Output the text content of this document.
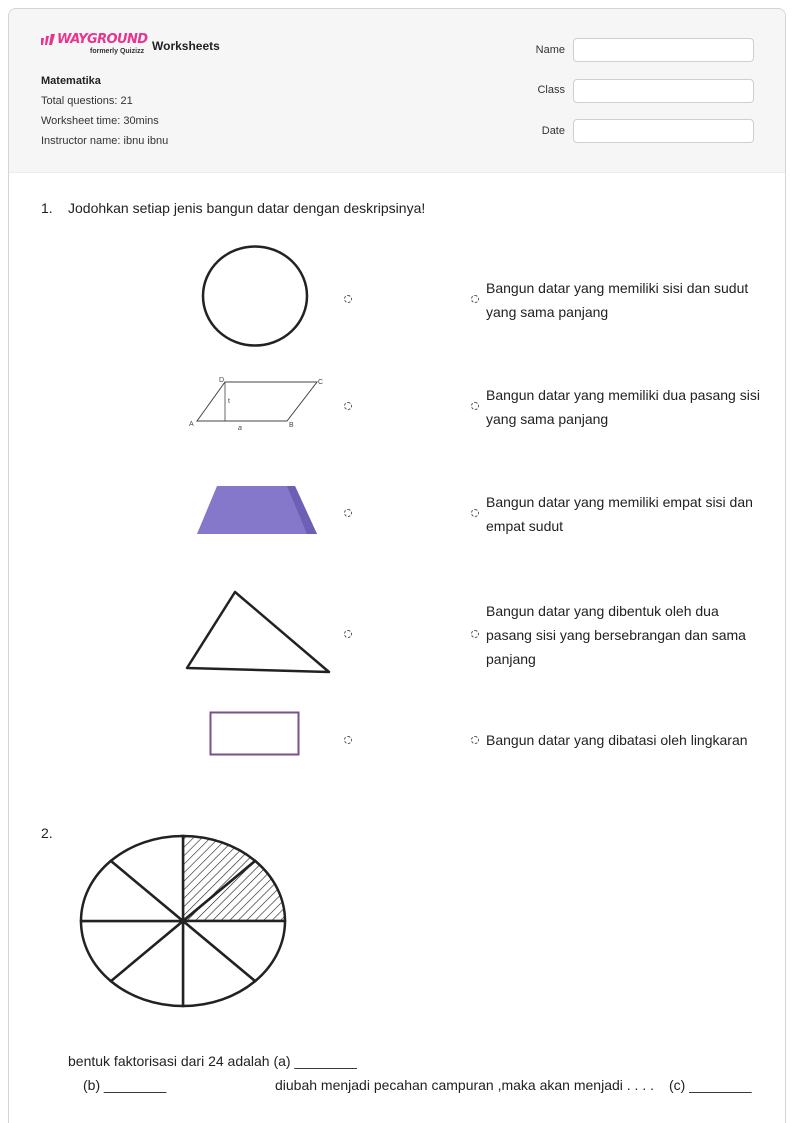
WAYGROUND
formerly Quizizz Worksheets
Matematika
Total questions: 21
Worksheet time: 30mins
Instructor name: ibnu ibnu
Name
Class
Date
1. Jodohkan setiap jenis bangun datar dengan deskripsinya!
A	B
C
D
t
a
Bangun datar yang memiliki sisi dan sudut yang sama panjang
Bangun datar yang memiliki dua pasang sisi yang sama panjang
Bangun datar yang memiliki empat sisi dan empat sudut
Bangun datar yang dibentuk oleh dua pasang sisi yang bersebrangan dan sama panjang
Bangun datar yang dibatasi oleh lingkaran
2.
bentuk faktorisasi dari 24 adalah (a) ________
(b) ________	diubah menjadi pecahan campuran ,maka akan menjadi . . . . (c) ________
